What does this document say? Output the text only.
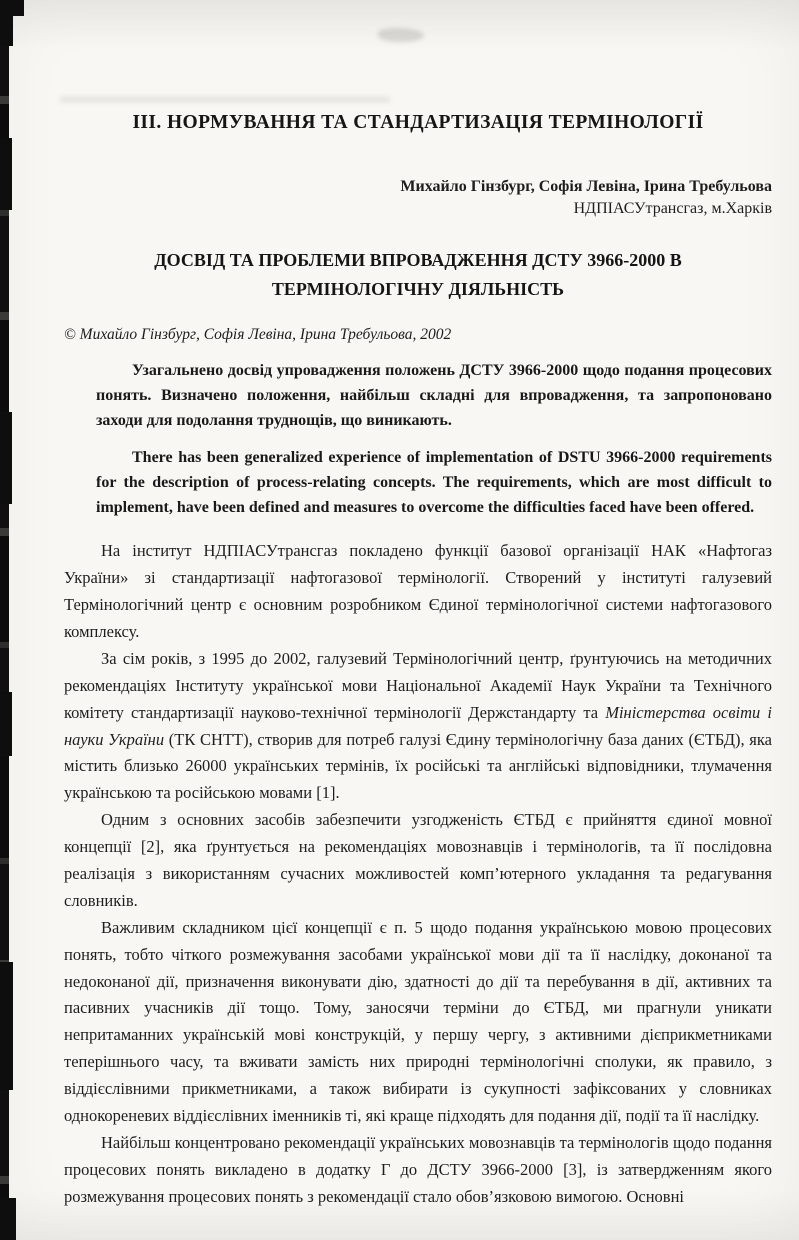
ІІІ. НОРМУВАННЯ ТА СТАНДАРТИЗАЦІЯ ТЕРМІНОЛОГІЇ
Михайло Гінзбург, Софія Левіна, Ірина Требульова
НДПІАСУтрансгаз, м.Харків
ДОСВІД ТА ПРОБЛЕМИ ВПРОВАДЖЕННЯ ДСТУ 3966-2000 В ТЕРМІНОЛОГІЧНУ ДІЯЛЬНІСТЬ
© Михайло Гінзбург, Софія Левіна, Ірина Требульова, 2002

Узагальнено досвід упровадження положень ДСТУ 3966-2000 щодо подання процесових понять. Визначено положення, найбільш складні для впровадження, та запропоновано заходи для подолання труднощів, що виникають.

There has been generalized experience of implementation of DSTU 3966-2000 requirements for the description of process-relating concepts. The requirements, which are most difficult to implement, have been defined and measures to overcome the difficulties faced have been offered.

На інститут НДПІАСУтрансгаз покладено функції базової організації НАК «Нафтогаз України» зі стандартизації нафтогазової термінології. Створений у інституті галузевий Термінологічний центр є основним розробником Єдиної термінологічної системи нафтогазового комплексу.

За сім років, з 1995 до 2002, галузевий Термінологічний центр, ґрунтуючись на методичних рекомендаціях Інституту української мови Національної Академії Наук України та Технічного комітету стандартизації науково-технічної термінології Держстандарту та Міністерства освіти і науки України (ТК СНТТ), створив для потреб галузі Єдину термінологічну база даних (ЄТБД), яка містить близько 26000 українських термінів, їх російські та англійські відповідники, тлумачення українською та російською мовами [1].

Одним з основних засобів забезпечити узгодженість ЄТБД є прийняття єдиної мовної концепції [2], яка ґрунтується на рекомендаціях мовознавців і термінологів, та її послідовна реалізація з використанням сучасних можливостей комп’ютерного укладання та редагування словників.

Важливим складником цієї концепції є п. 5 щодо подання українською мовою процесових понять, тобто чіткого розмежування засобами української мови дії та її наслідку, доконаної та недоконаної дії, призначення виконувати дію, здатності до дії та перебування в дії, активних та пасивних учасників дії тощо. Тому, заносячи терміни до ЄТБД, ми прагнули уникати непритаманних українській мові конструкцій, у першу чергу, з активними дієприкметниками теперішнього часу, та вживати замість них природні термінологічні сполуки, як правило, з віддієслівними прикметниками, а також вибирати із сукупності зафіксованих у словниках однокореневих віддієслівних іменників ті, які краще підходять для подання дії, події та її наслідку.

Найбільш концентровано рекомендації українських мовознавців та термінологів щодо подання процесових понять викладено в додатку Г до ДСТУ 3966-2000 [3], із затвердженням якого розмежування процесових понять з рекомендації стало обов’язковою вимогою. Основні
